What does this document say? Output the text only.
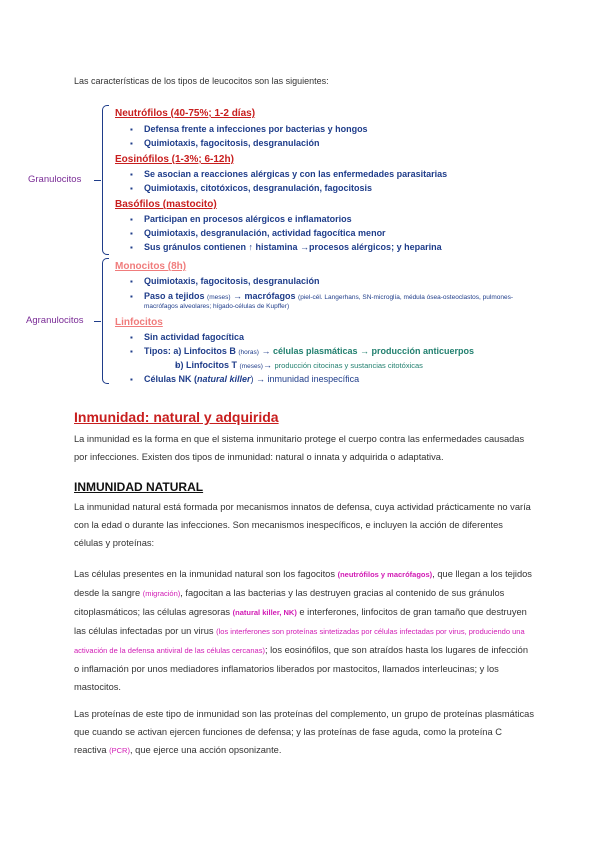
Las características de los tipos de leucocitos son las siguientes:
Granulocitos
Neutrófilos (40-75%; 1-2 días)
▪ Defensa frente a infecciones por bacterias y hongos
▪ Quimiotaxis, fagocitosis, desgranulación
Eosinófilos (1-3%; 6-12h)
▪ Se asocian a reacciones alérgicas y con las enfermedades parasitarias
▪ Quimiotaxis, citotóxicos, desgranulación, fagocitosis
Basófilos (mastocito)
▪ Participan en procesos alérgicos e inflamatorios
▪ Quimiotaxis, desgranulación, actividad fagocítica menor
▪ Sus gránulos contienen ↑ histamina →procesos alérgicos; y heparina
Agranulocitos
Monocitos (8h)
▪ Quimiotaxis, fagocitosis, desgranulación
▪ Paso a tejidos (meses) → macrófagos (piel-cél. Langerhans, SN-microglía, médula ósea-osteoclastos, pulmones-
macrófagos alveolares; hígado-células de Kupffer)
Linfocitos
▪ Sin actividad fagocítica
▪ Tipos: a) Linfocitos B (horas) → células plasmáticas → producción anticuerpos
▪ b) Linfocitos T (meses)→ producción citocinas y sustancias citotóxicas
▪ Células NK (natural killer) → inmunidad inespecífica
Inmunidad: natural y adquirida
La inmunidad es la forma en que el sistema inmunitario protege el cuerpo contra las enfermedades causadas por infecciones. Existen dos tipos de inmunidad: natural o innata y adquirida o adaptativa.
INMUNIDAD NATURAL
La inmunidad natural está formada por mecanismos innatos de defensa, cuya actividad prácticamente no varía con la edad o durante las infecciones. Son mecanismos inespecíficos, e incluyen la acción de diferentes células y proteínas:
Las células presentes en la inmunidad natural son los fagocitos (neutrófilos y macrófagos), que llegan a los tejidos desde la sangre (migración), fagocitan a las bacterias y las destruyen gracias al contenido de sus gránulos citoplasmáticos; las células agresoras (natural killer, NK) e interferones, linfocitos de gran tamaño que destruyen las células infectadas por un virus (los interferones son proteínas sintetizadas por células infectadas por virus, produciendo una activación de la defensa antiviral de las células cercanas); los eosinófilos, que son atraídos hasta los lugares de infección o inflamación por unos mediadores inflamatorios liberados por mastocitos, llamados interleucinas; y los mastocitos.
Las proteínas de este tipo de inmunidad son las proteínas del complemento, un grupo de proteínas plasmáticas que cuando se activan ejercen funciones de defensa; y las proteínas de fase aguda, como la proteína C reactiva (PCR), que ejerce una acción opsonizante.
